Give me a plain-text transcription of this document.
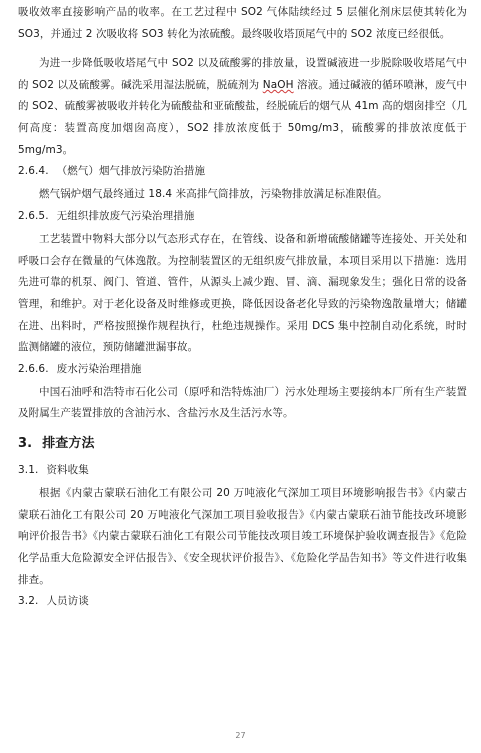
吸收效率直接影响产品的收率。在工艺过程中 SO2 气体陆续经过 5 层催化剂床层使其转化为 SO3，并通过 2 次吸收将 SO3 转化为浓硫酸。最终吸收塔顶尾气中的 SO2 浓度已经很低。

为进一步降低吸收塔尾气中 SO2 以及硫酸雾的排放量，设置碱液进一步脱除吸收塔尾气中的 SO2 以及硫酸雾。碱洗采用湿法脱硫，脱硫剂为 NaOH 溶液。通过碱液的循环喷淋，废气中的 SO2、硫酸雾被吸收并转化为硫酸盐和亚硫酸盐，经脱硫后的烟气从 41m 高的烟囱排空（几何高度：装置高度加烟囱高度），SO2 排放浓度低于 50mg/m3，硫酸雾的排放浓度低于 5mg/m3。

2.6.4. （燃气）烟气排放污染防治措施

燃气锅炉烟气最终通过 18.4 米高排气筒排放，污染物排放满足标准限值。

2.6.5. 无组织排放废气污染治理措施

工艺装置中物料大部分以气态形式存在，在管线、设备和新增硫酸储罐等连接处、开关处和呼吸口会存在微量的气体逸散。为控制装置区的无组织废气排放量，本项目采用以下措施：选用先进可靠的机泵、阀门、管道、管件，从源头上减少跑、冒、滴、漏现象发生；强化日常的设备管理，和维护。对于老化设备及时维修或更换，降低因设备老化导致的污染物逸散量增大；储罐在进、出料时，严格按照操作规程执行，杜绝违规操作。采用 DCS 集中控制自动化系统，时时监测储罐的液位，预防储罐泄漏事故。

2.6.6. 废水污染治理措施

中国石油呼和浩特市石化公司（原呼和浩特炼油厂）污水处理场主要接纳本厂所有生产装置及附属生产装置排放的含油污水、含盐污水及生活污水等。

3. 排查方法
3.1. 资料收集

根据《内蒙古蒙联石油化工有限公司 20 万吨液化气深加工项目环境影响报告书》《内蒙古蒙联石油化工有限公司 20 万吨液化气深加工项目验收报告》《内蒙古蒙联石油节能技改环境影响评价报告书》《内蒙古蒙联石油化工有限公司节能技改项目竣工环境保护验收调查报告》《危险化学品重大危险源安全评估报告》、《安全现状评价报告》、《危险化学品告知书》等文件进行收集排查。

3.2. 人员访谈
27
